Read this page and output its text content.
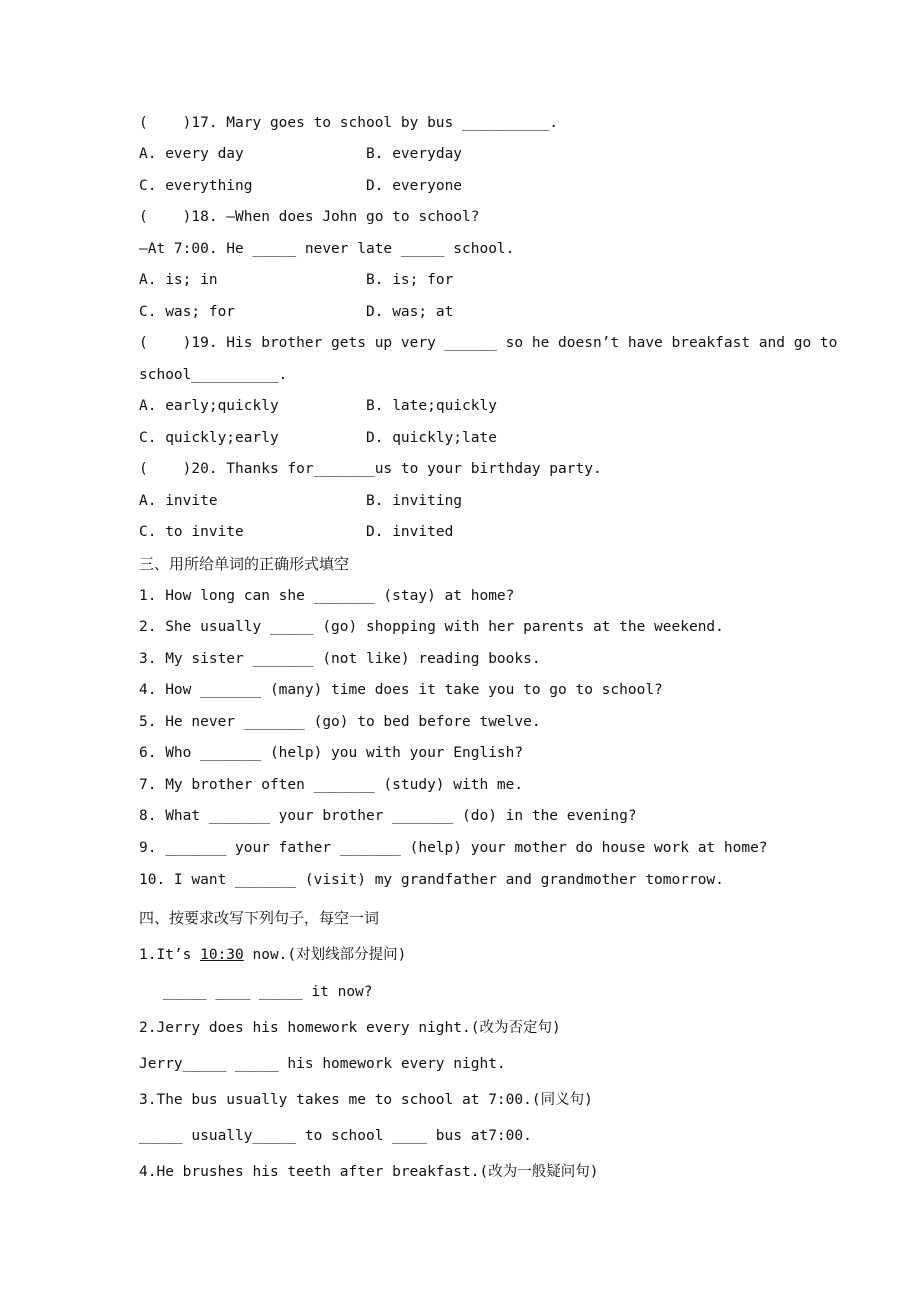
(    )17. Mary goes to school by bus __________.
A. every day	B. everyday
C. everything	D. everyone
(    )18. —When does John go to school?
—At 7:00. He _____ never late _____ school.
A. is; in	B. is; for
C. was; for	D. was; at
(    )19. His brother gets up very ______ so he doesn’t have breakfast and go to
school__________.
A. early;quickly	B. late;quickly
C. quickly;early	D. quickly;late
(    )20. Thanks for_______us to your birthday party.
A. invite	B. inviting
C. to invite	D. invited
三、用所给单词的正确形式填空
1. How long can she _______ (stay) at home?
2. She usually _____ (go) shopping with her parents at the weekend.
3. My sister _______ (not like) reading books.
4. How _______ (many) time does it take you to go to school?
5. He never _______ (go) to bed before twelve.
6. Who _______ (help) you with your English?
7. My brother often _______ (study) with me.
8. What _______ your brother _______ (do) in the evening?
9. _______ your father _______ (help) your mother do house work at home?
10. I want _______ (visit) my grandfather and grandmother tomorrow.
四、按要求改写下列句子，每空一词
1.It’s 10:30 now.(对划线部分提问)
_____ ____ _____ it now?
2.Jerry does his homework every night.(改为否定句)
Jerry_____ _____ his homework every night.
3.The bus usually takes me to school at 7:00.(同义句)
_____ usually_____ to school ____ bus at7:00.
4.He brushes his teeth after breakfast.(改为一般疑问句)
